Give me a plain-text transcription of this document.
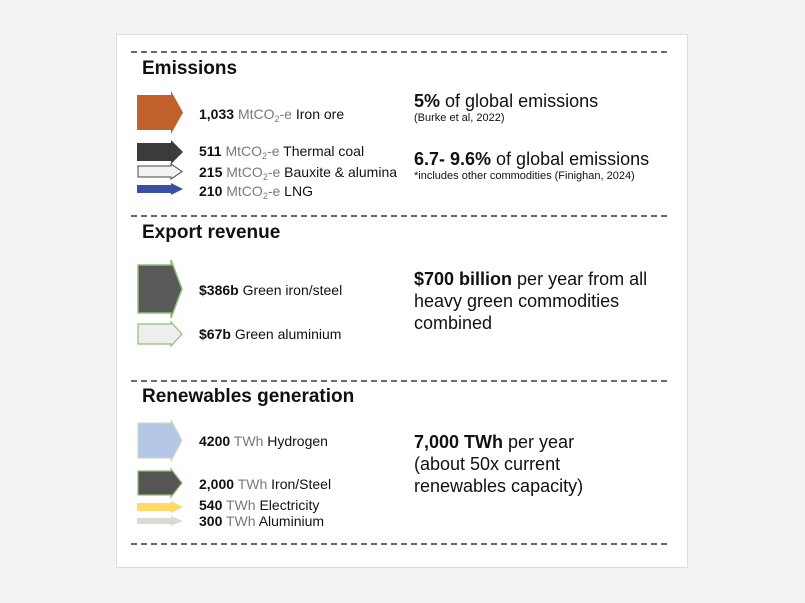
Emissions
1,033 MtCO$_2$-e Iron ore
511 MtCO$_2$-e Thermal coal
215 MtCO$_2$-e Bauxite & alumina
210 MtCO$_2$-e LNG
5% of global emissions
(Burke et al, 2022)
6.7- 9.6% of global emissions
*includes other commodities (Finighan, 2024)
Export revenue
$386b Green iron/steel
$67b Green aluminium
$700 billion per year from all heavy green commodities combined
Renewables generation
4200 TWh Hydrogen
2,000 TWh Iron/Steel
540 TWh Electricity
300 TWh Aluminium
7,000 TWh per year (about 50x current renewables capacity)
